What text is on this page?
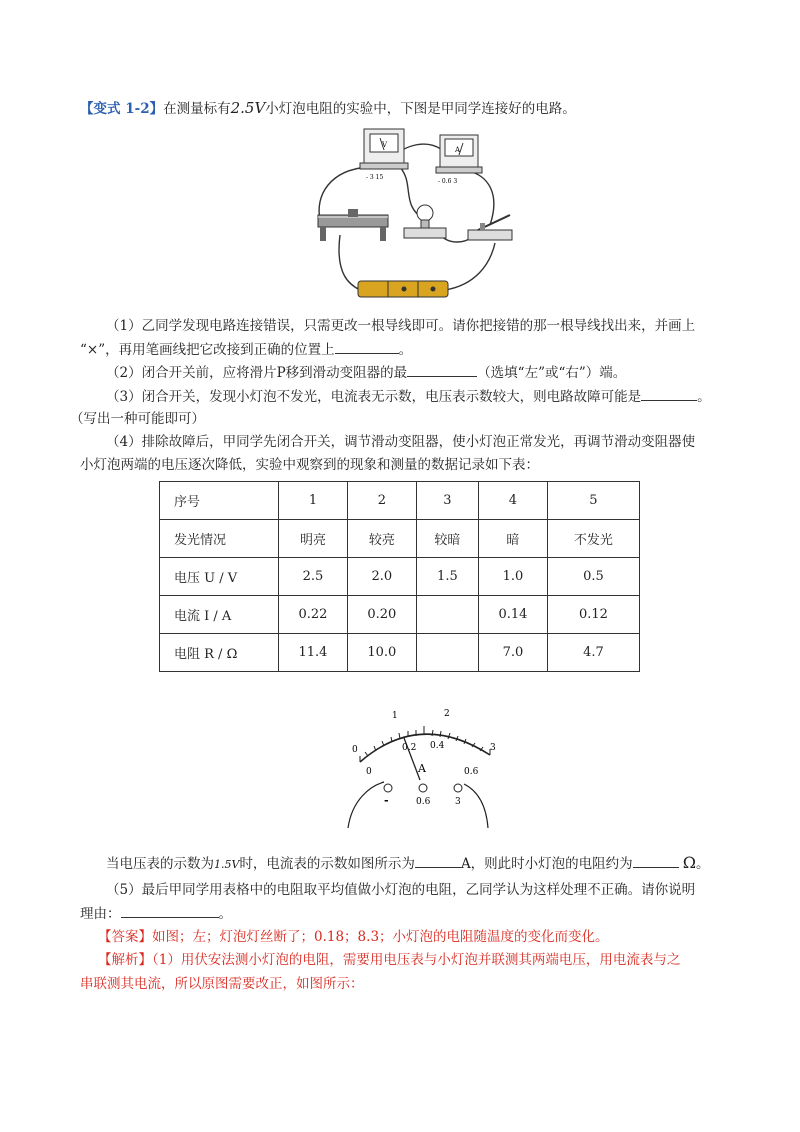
【变式 1-2】在测量标有2.5V小灯泡电阻的实验中，下图是甲同学连接好的电路。
V
- 3 15
A
- 0.6 3
（1）乙同学发现电路连接错误，只需更改一根导线即可。请你把接错的那一根导线找出来，并画上
“×”，再用笔画线把它改接到正确的位置上	。
（2）闭合开关前，应将滑片P移到滑动变阻器的最	（选填“左”或“右”）端。
（3）闭合开关，发现小灯泡不发光，电流表无示数，电压表示数较大，则电路故障可能是	。
（写出一种可能即可）
（4）排除故障后，甲同学先闭合开关，调节滑动变阻器，使小灯泡正常发光，再调节滑动变阻器使
小灯泡两端的电压逐次降低，实验中观察到的现象和测量的数据记录如下表：
序号	1	2	3	4	5
发光情况	明亮	较亮	较暗	暗	不发光
电压 U / V	2.5	2.0	1.5	1.0	0.5
电流 I / A	0.22	0.20		0.14	0.12
电阻 R / Ω	11.4	10.0		7.0	4.7
0
1	2
3
0
0.2 0.4
0.6
A
-	0.6	3
当电压表的示数为1.5V时，电流表的示数如图所示为	A，则此时小灯泡的电阻约为	Ω。
（5）最后甲同学用表格中的电阻取平均值做小灯泡的电阻，乙同学认为这样处理不正确。请你说明
理由：	。
【答案】如图；左；灯泡灯丝断了；0.18；8.3；小灯泡的电阻随温度的变化而变化。
【解析】（1）用伏安法测小灯泡的电阻，需要用电压表与小灯泡并联测其两端电压，用电流表与之
串联测其电流，所以原图需要改正，如图所示：
